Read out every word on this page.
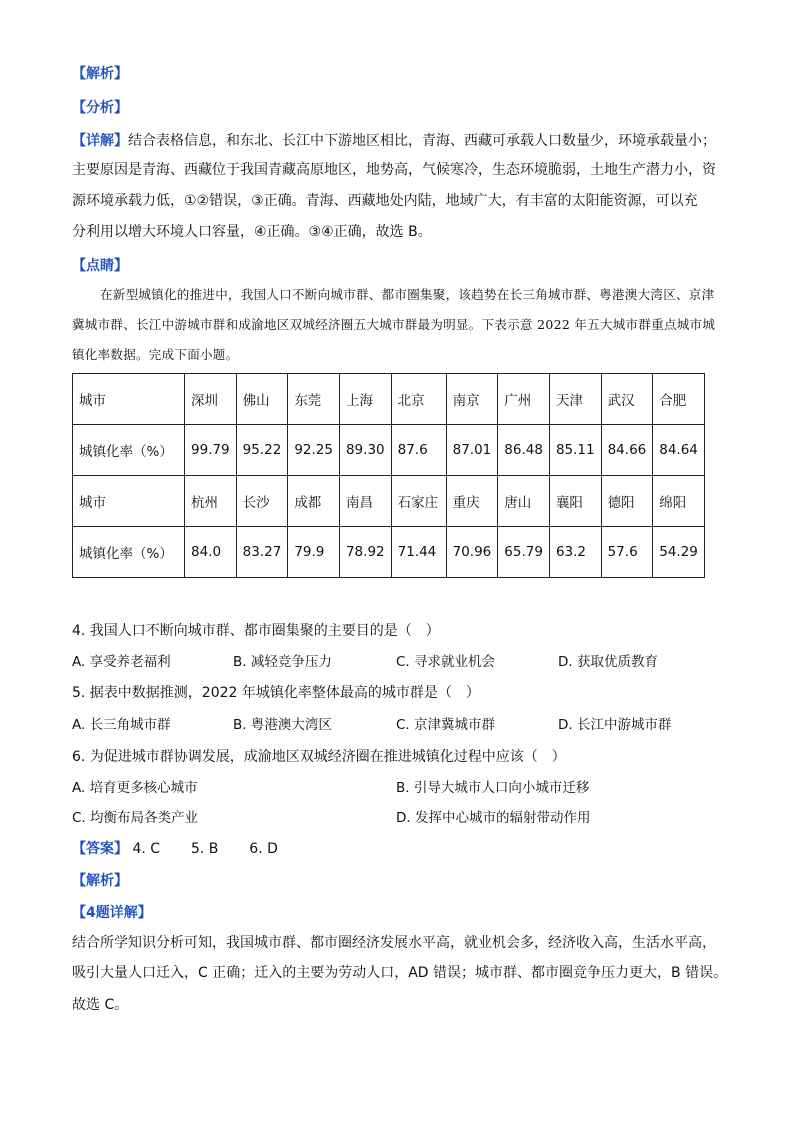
【解析】
【分析】
【详解】结合表格信息，和东北、长江中下游地区相比，青海、西藏可承载人口数量少，环境承载量小；
主要原因是青海、西藏位于我国青藏高原地区，地势高，气候寒冷，生态环境脆弱，土地生产潜力小，资
源环境承载力低，①②错误，③正确。青海、西藏地处内陆，地域广大，有丰富的太阳能资源，可以充
分利用以增大环境人口容量，④正确。③④正确，故选 B。
【点睛】
在新型城镇化的推进中，我国人口不断向城市群、都市圈集聚，该趋势在长三角城市群、粤港澳大湾区、京津冀城市群、长江中游城市群和成渝地区双城经济圈五大城市群最为明显。下表示意 2022 年五大城市群重点城市城镇化率数据。完成下面小题。
城市	深圳	佛山	东莞	上海	北京	南京	广州	天津	武汉	合肥
城镇化率（%）	99.79	95.22	92.25	89.30	87.6	87.01	86.48	85.11	84.66	84.64
城市	杭州	长沙	成都	南昌	石家庄	重庆	唐山	襄阳	德阳	绵阳
城镇化率（%）	84.0	83.27	79.9	78.92	71.44	70.96	65.79	63.2	57.6	54.29
4. 我国人口不断向城市群、都市圈集聚的主要目的是（　）
A. 享受养老福利	B. 减轻竞争压力	C. 寻求就业机会	D. 获取优质教育
5. 据表中数据推测，2022 年城镇化率整体最高的城市群是（　）
A. 长三角城市群	B. 粤港澳大湾区	C. 京津冀城市群	D. 长江中游城市群
6. 为促进城市群协调发展，成渝地区双城经济圈在推进城镇化过程中应该（　）
A. 培育更多核心城市	B. 引导大城市人口向小城市迁移
C. 均衡布局各类产业	D. 发挥中心城市的辐射带动作用
【答案】 4. C 5. B 6. D
【解析】
【4题详解】
结合所学知识分析可知，我国城市群、都市圈经济发展水平高，就业机会多，经济收入高，生活水平高，
吸引大量人口迁入，C 正确；迁入的主要为劳动人口，AD 错误；城市群、都市圈竞争压力更大，B 错误。
故选 C。
